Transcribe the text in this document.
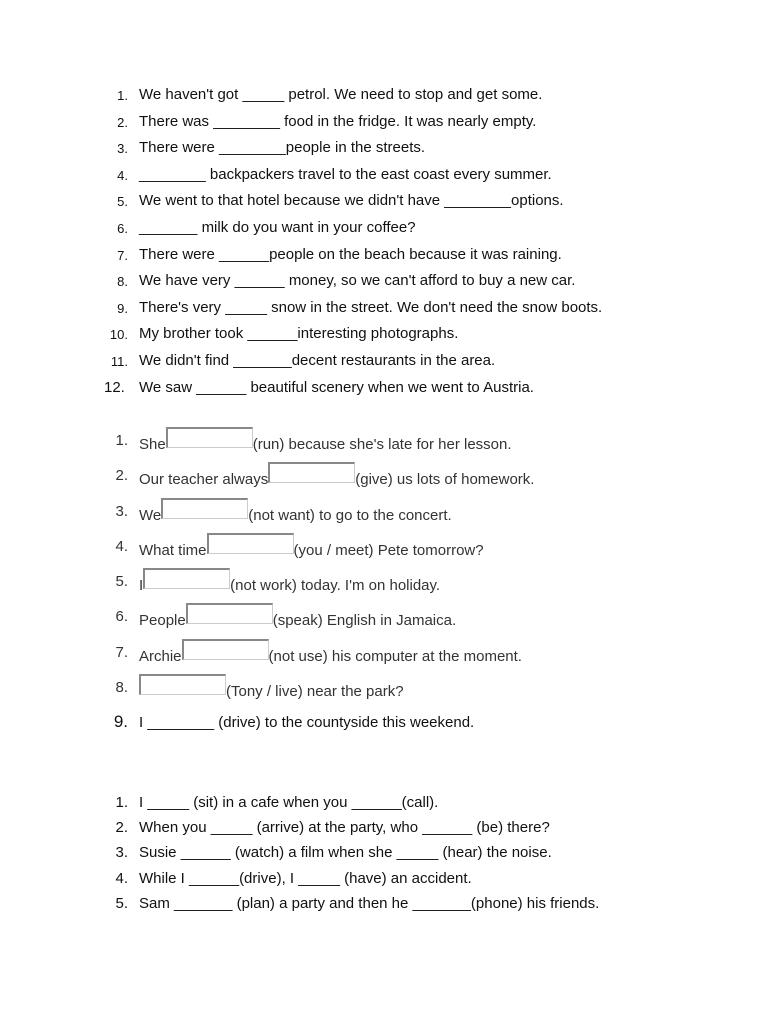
1. We haven't got _____ petrol. We need to stop and get some.
2. There was ________ food in the fridge. It was nearly empty.
3. There were ________people in the streets.
4. ________ backpackers travel to the east coast every summer.
5. We went to that hotel because we didn't have ________options.
6. _______ milk do you want in your coffee?
7. There were ______people on the beach because it was raining.
8. We have very ______ money, so we can't afford to buy a new car.
9. There's very _____ snow in the street. We don't need the snow boots.
10. My brother took ______interesting photographs.
11. We didn't find _______decent restaurants in the area.
12. We saw ______ beautiful scenery when we went to Austria.
1. She	(run) because she's late for her lesson.
2. Our teacher always	(give) us lots of homework.
3. We	(not want) to go to the concert.
4. What time	(you / meet) Pete tomorrow?
5. I	(not work) today. I'm on holiday.
6. People	(speak) English in Jamaica.
7. Archie	(not use) his computer at the moment.
8.	(Tony / live) near the park?
9. I ________ (drive) to the countyside this weekend.
1. I _____ (sit) in a cafe when you ______(call).
2. When you _____ (arrive) at the party, who ______ (be) there?
3. Susie ______ (watch) a film when she _____ (hear) the noise.
4. While I ______(drive), I _____ (have) an accident.
5. Sam _______ (plan) a party and then he _______(phone) his friends.
